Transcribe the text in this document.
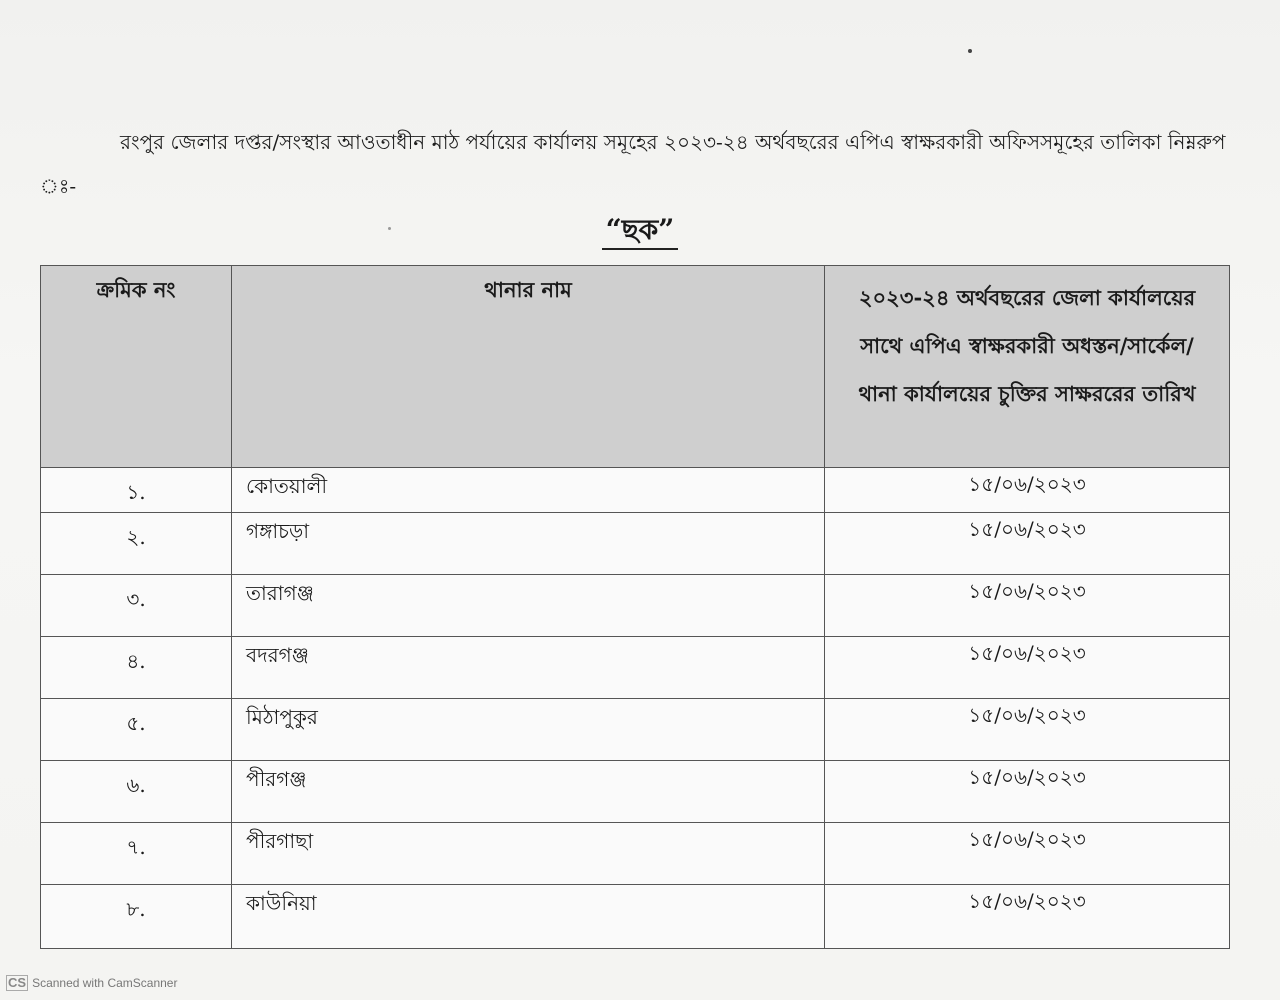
রংপুর জেলার দপ্তর/সংস্থার আওতাধীন মাঠ পর্যায়ের কার্যালয় সমূহের ২০২৩-২৪ অর্থবছরের এপিএ স্বাক্ষরকারী অফিসসমূহের তালিকা নিম্নরুপ ঃ-
“ছক”
ক্রমিক নং	থানার নাম	২০২৩-২৪ অর্থবছরের জেলা কার্যালয়ের সাথে এপিএ স্বাক্ষরকারী অধস্তন/সার্কেল/থানা কার্যালয়ের চুক্তির সাক্ষররের তারিখ
১.	কোতয়ালী	১৫/০৬/২০২৩
২.	গঙ্গাচড়া	১৫/০৬/২০২৩
৩.	তারাগঞ্জ	১৫/০৬/২০২৩
৪.	বদরগঞ্জ	১৫/০৬/২০২৩
৫.	মিঠাপুকুর	১৫/০৬/২০২৩
৬.	পীরগঞ্জ	১৫/০৬/২০২৩
৭.	পীরগাছা	১৫/০৬/২০২৩
৮.	কাউনিয়া	১৫/০৬/২০২৩
CS Scanned with CamScanner
